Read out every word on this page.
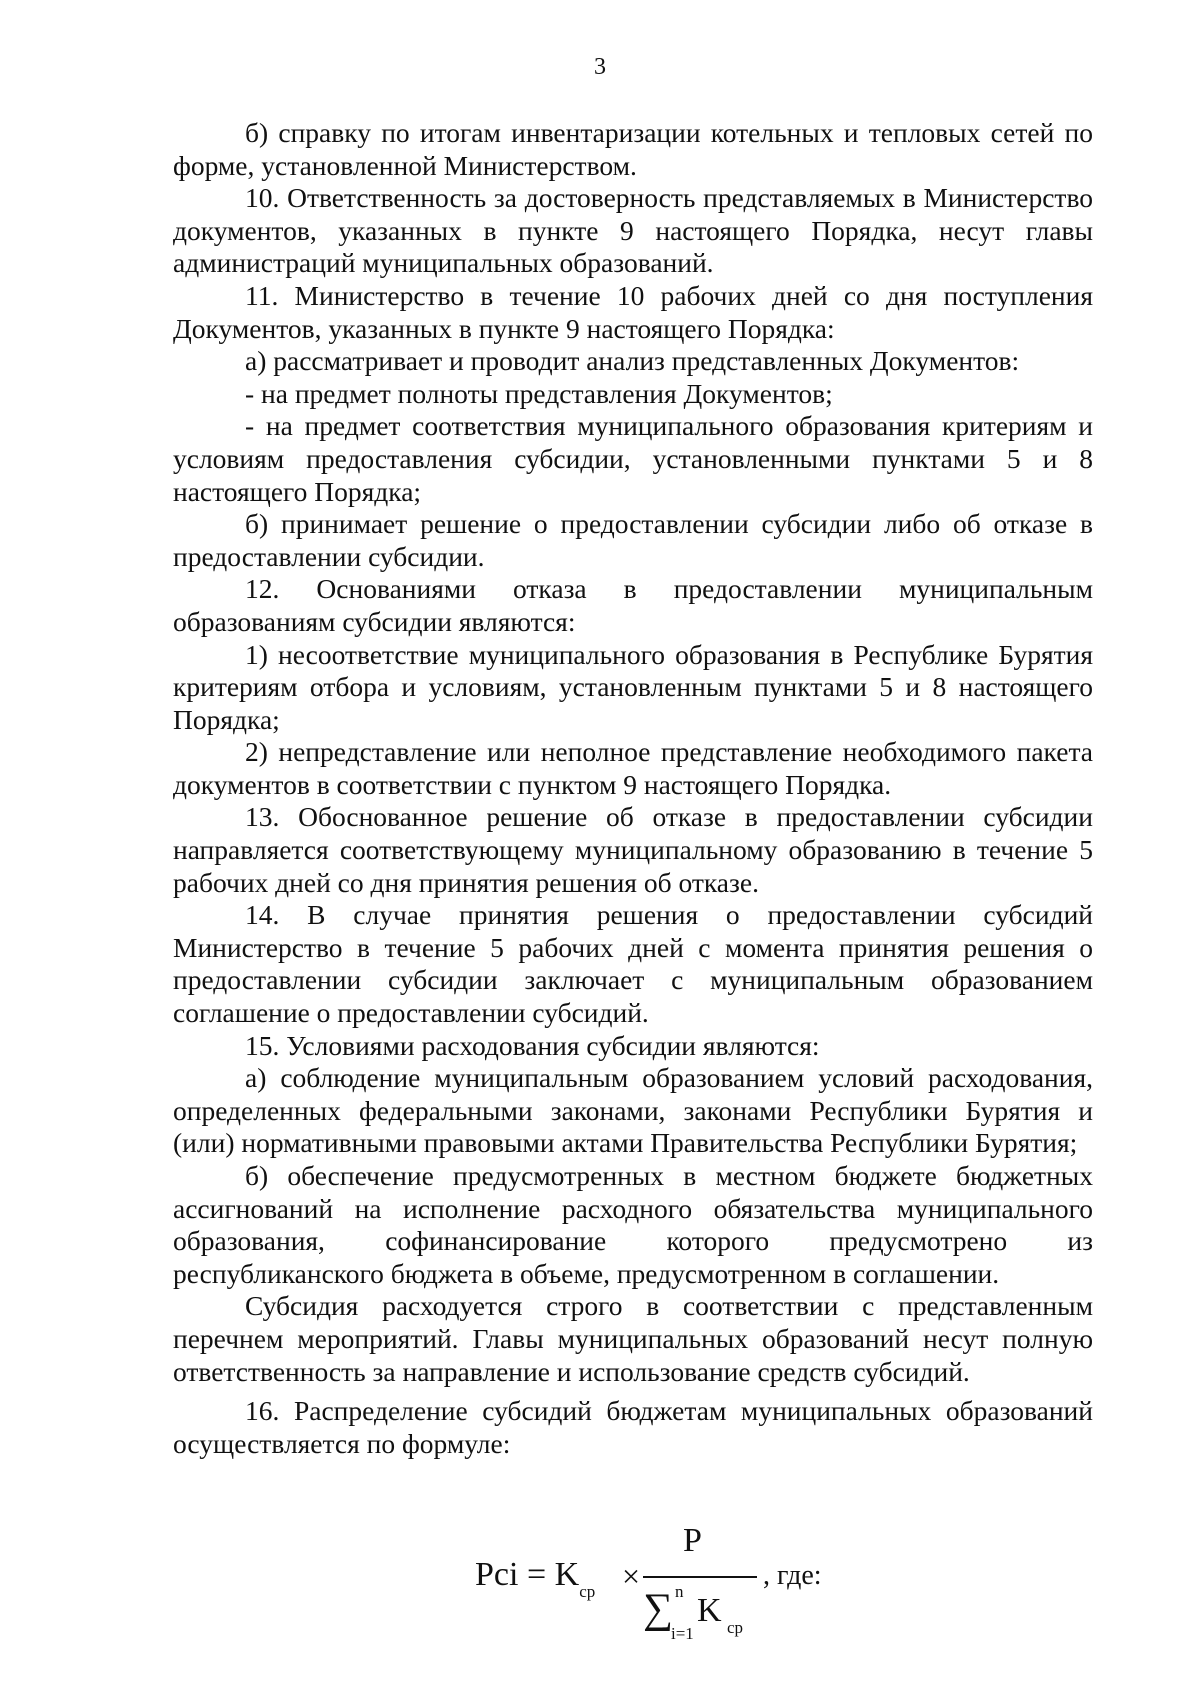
3

б) справку по итогам инвентаризации котельных и тепловых сетей по форме, установленной Министерством.

10. Ответственность за достоверность представляемых в Министерство документов, указанных в пункте 9 настоящего Порядка, несут главы администраций муниципальных образований.

11. Министерство в течение 10 рабочих дней со дня поступления Документов, указанных в пункте 9 настоящего Порядка:

а) рассматривает и проводит анализ представленных Документов:

- на предмет полноты представления Документов;

- на предмет соответствия муниципального образования критериям и условиям предоставления субсидии, установленными пунктами 5 и 8 настоящего Порядка;

б) принимает решение о предоставлении субсидии либо об отказе в предоставлении субсидии.

12. Основаниями отказа в предоставлении муниципальным образованиям субсидии являются:

1) несоответствие муниципального образования в Республике Бурятия критериям отбора и условиям, установленным пунктами 5 и 8 настоящего Порядка;

2) непредставление или неполное представление необходимого пакета документов в соответствии с пунктом 9 настоящего Порядка.

13. Обоснованное решение об отказе в предоставлении субсидии направляется соответствующему муниципальному образованию в течение 5 рабочих дней со дня принятия решения об отказе.

14. В случае принятия решения о предоставлении субсидий Министерство в течение 5 рабочих дней с момента принятия решения о предоставлении субсидии заключает с муниципальным образованием соглашение о предоставлении субсидий.

15. Условиями расходования субсидии являются:

а) соблюдение муниципальным образованием условий расходования, определенных федеральными законами, законами Республики Бурятия и (или) нормативными правовыми актами Правительства Республики Бурятия;

б) обеспечение предусмотренных в местном бюджете бюджетных ассигнований на исполнение расходного обязательства муниципального образования, софинансирование которого предусмотрено из республиканского бюджета в объеме, предусмотренном в соглашении.

Субсидия расходуется строго в соответствии с представленным перечнем мероприятий. Главы муниципальных образований несут полную ответственность за направление и использование средств субсидий.

16. Распределение субсидий бюджетам муниципальных образований осуществляется по формуле:

Pci = $K_{ср}$ ×
P
∑ n
i=1
K ср
, где:
